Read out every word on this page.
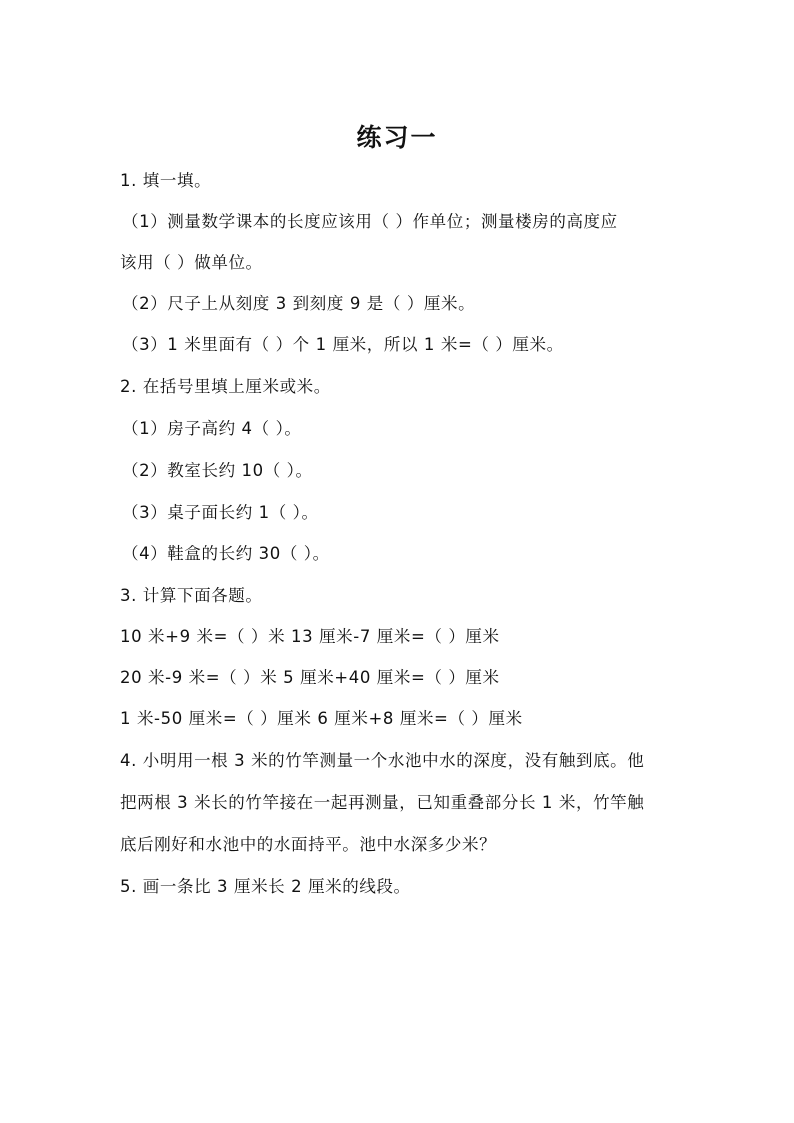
练习一
1. 填一填。
（1）测量数学课本的长度应该用（ ）作单位；测量楼房的高度应
该用（ ）做单位。
（2）尺子上从刻度 3 到刻度 9 是（ ）厘米。
（3）1 米里面有（ ）个 1 厘米，所以 1 米=（ ）厘米。
2. 在括号里填上厘米或米。
（1）房子高约 4（ ）。
（2）教室长约 10（ ）。
（3）桌子面长约 1（ ）。
（4）鞋盒的长约 30（ ）。
3. 计算下面各题。
10 米+9 米=（ ）米 13 厘米-7 厘米=（ ）厘米
20 米-9 米=（ ）米 5 厘米+40 厘米=（ ）厘米
1 米-50 厘米=（ ）厘米 6 厘米+8 厘米=（ ）厘米
4. 小明用一根 3 米的竹竿测量一个水池中水的深度，没有触到底。他
把两根 3 米长的竹竿接在一起再测量，已知重叠部分长 1 米，竹竿触
底后刚好和水池中的水面持平。池中水深多少米？
5. 画一条比 3 厘米长 2 厘米的线段。
